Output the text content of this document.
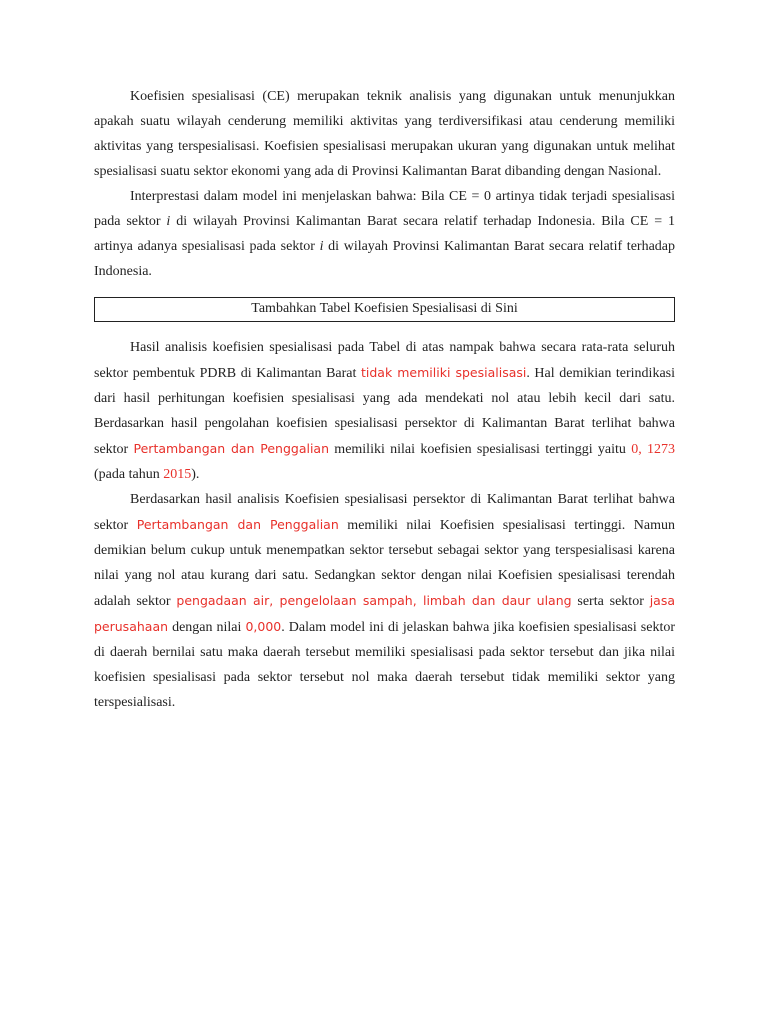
Koefisien spesialisasi (CE) merupakan teknik analisis yang digunakan untuk menunjukkan apakah suatu wilayah cenderung memiliki aktivitas yang terdiversifikasi atau cenderung memiliki aktivitas yang terspesialisasi. Koefisien spesialisasi merupakan ukuran yang digunakan untuk melihat spesialisasi suatu sektor ekonomi yang ada di Provinsi Kalimantan Barat dibanding dengan Nasional.

Interprestasi dalam model ini menjelaskan bahwa: Bila CE = 0 artinya tidak terjadi spesialisasi pada sektor i di wilayah Provinsi Kalimantan Barat secara relatif terhadap Indonesia. Bila CE = 1 artinya adanya spesialisasi pada sektor i di wilayah Provinsi Kalimantan Barat secara relatif terhadap Indonesia.

Tambahkan Tabel Koefisien Spesialisasi di Sini

Hasil analisis koefisien spesialisasi pada Tabel di atas nampak bahwa secara rata-rata seluruh sektor pembentuk PDRB di Kalimantan Barat tidak memiliki spesialisasi. Hal demikian terindikasi dari hasil perhitungan koefisien spesialisasi yang ada mendekati nol atau lebih kecil dari satu. Berdasarkan hasil pengolahan koefisien spesialisasi persektor di Kalimantan Barat terlihat bahwa sektor Pertambangan dan Penggalian memiliki nilai koefisien spesialisasi tertinggi yaitu 0, 1273 (pada tahun 2015).

Berdasarkan hasil analisis Koefisien spesialisasi persektor di Kalimantan Barat terlihat bahwa sektor Pertambangan dan Penggalian memiliki nilai Koefisien spesialisasi tertinggi. Namun demikian belum cukup untuk menempatkan sektor tersebut sebagai sektor yang terspesialisasi karena nilai yang nol atau kurang dari satu. Sedangkan sektor dengan nilai Koefisien spesialisasi terendah adalah sektor pengadaan air, pengelolaan sampah, limbah dan daur ulang serta sektor jasa perusahaan dengan nilai 0,000. Dalam model ini di jelaskan bahwa jika koefisien spesialisasi sektor di daerah bernilai satu maka daerah tersebut memiliki spesialisasi pada sektor tersebut dan jika nilai koefisien spesialisasi pada sektor tersebut nol maka daerah tersebut tidak memiliki sektor yang terspesialisasi.
